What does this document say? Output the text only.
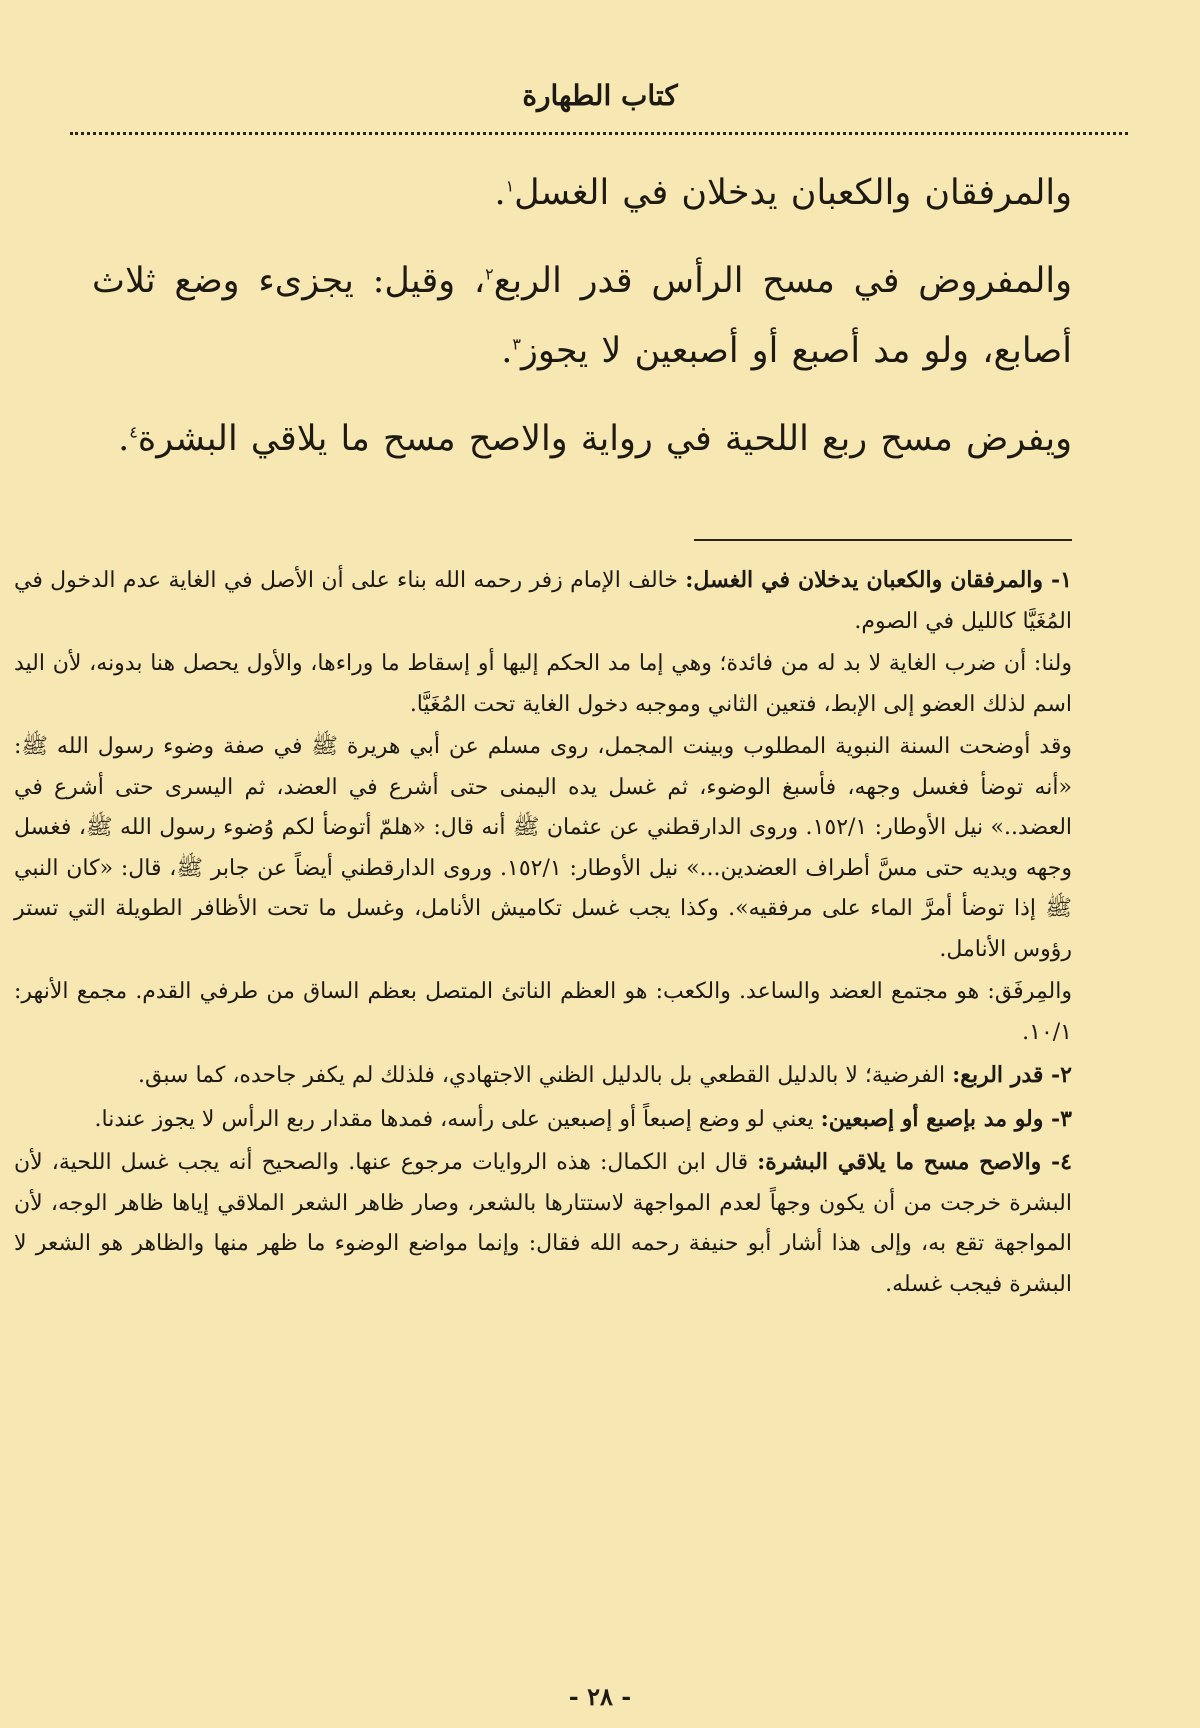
كتاب الطهارة

والمرفقان والكعبان يدخلان في الغسل$^١$.

والمفروض في مسح الرأس قدر الربع$^٢$، وقيل: يجزىء وضع ثلاث أصابع، ولو مد أصبع أو أصبعين لا يجوز$^٣$.

ويفرض مسح ربع اللحية في رواية والاصح مسح ما يلاقي البشرة$^٤$.

١- والمرفقان والكعبان يدخلان في الغسل: خالف الإمام زفر رحمه الله بناء على أن الأصل في الغاية عدم الدخول في المُغَيَّا كالليل في الصوم.

ولنا: أن ضرب الغاية لا بد له من فائدة؛ وهي إما مد الحكم إليها أو إسقاط ما وراءها، والأول يحصل هنا بدونه، لأن اليد اسم لذلك العضو إلى الإبط، فتعين الثاني وموجبه دخول الغاية تحت المُغَيَّا.

وقد أوضحت السنة النبوية المطلوب وبينت المجمل، روى مسلم عن أبي هريرة ﷺ في صفة وضوء رسول الله ﷺ: «أنه توضأ فغسل وجهه، فأسبغ الوضوء، ثم غسل يده اليمنى حتى أشرع في العضد، ثم اليسرى حتى أشرع في العضد..» نيل الأوطار: ١٥٢/١. وروى الدارقطني عن عثمان ﷺ أنه قال: «هلمّ أتوضأ لكم وُضوء رسول الله ﷺ، فغسل وجهه ويديه حتى مسَّ أطراف العضدين...» نيل الأوطار: ١٥٢/١. وروى الدارقطني أيضاً عن جابر ﷺ، قال: «كان النبي ﷺ إذا توضأ أمرَّ الماء على مرفقيه». وكذا يجب غسل تكاميش الأنامل، وغسل ما تحت الأظافر الطويلة التي تستر رؤوس الأنامل.

والمِرفَق: هو مجتمع العضد والساعد. والكعب: هو العظم الناتئ المتصل بعظم الساق من طرفي القدم. مجمع الأنهر: ١٠/١.

٢- قدر الربع: الفرضية؛ لا بالدليل القطعي بل بالدليل الظني الاجتهادي، فلذلك لم يكفر جاحده، كما سبق.

٣- ولو مد بإصبع أو إصبعين: يعني لو وضع إصبعاً أو إصبعين على رأسه، فمدها مقدار ربع الرأس لا يجوز عندنا.

٤- والاصح مسح ما يلاقي البشرة: قال ابن الكمال: هذه الروايات مرجوع عنها. والصحيح أنه يجب غسل اللحية، لأن البشرة خرجت من أن يكون وجهاً لعدم المواجهة لاستتارها بالشعر، وصار ظاهر الشعر الملاقي إياها ظاهر الوجه، لأن المواجهة تقع به، وإلى هذا أشار أبو حنيفة رحمه الله فقال: وإنما مواضع الوضوء ما ظهر منها والظاهر هو الشعر لا البشرة فيجب غسله.

- ٢٨ -
